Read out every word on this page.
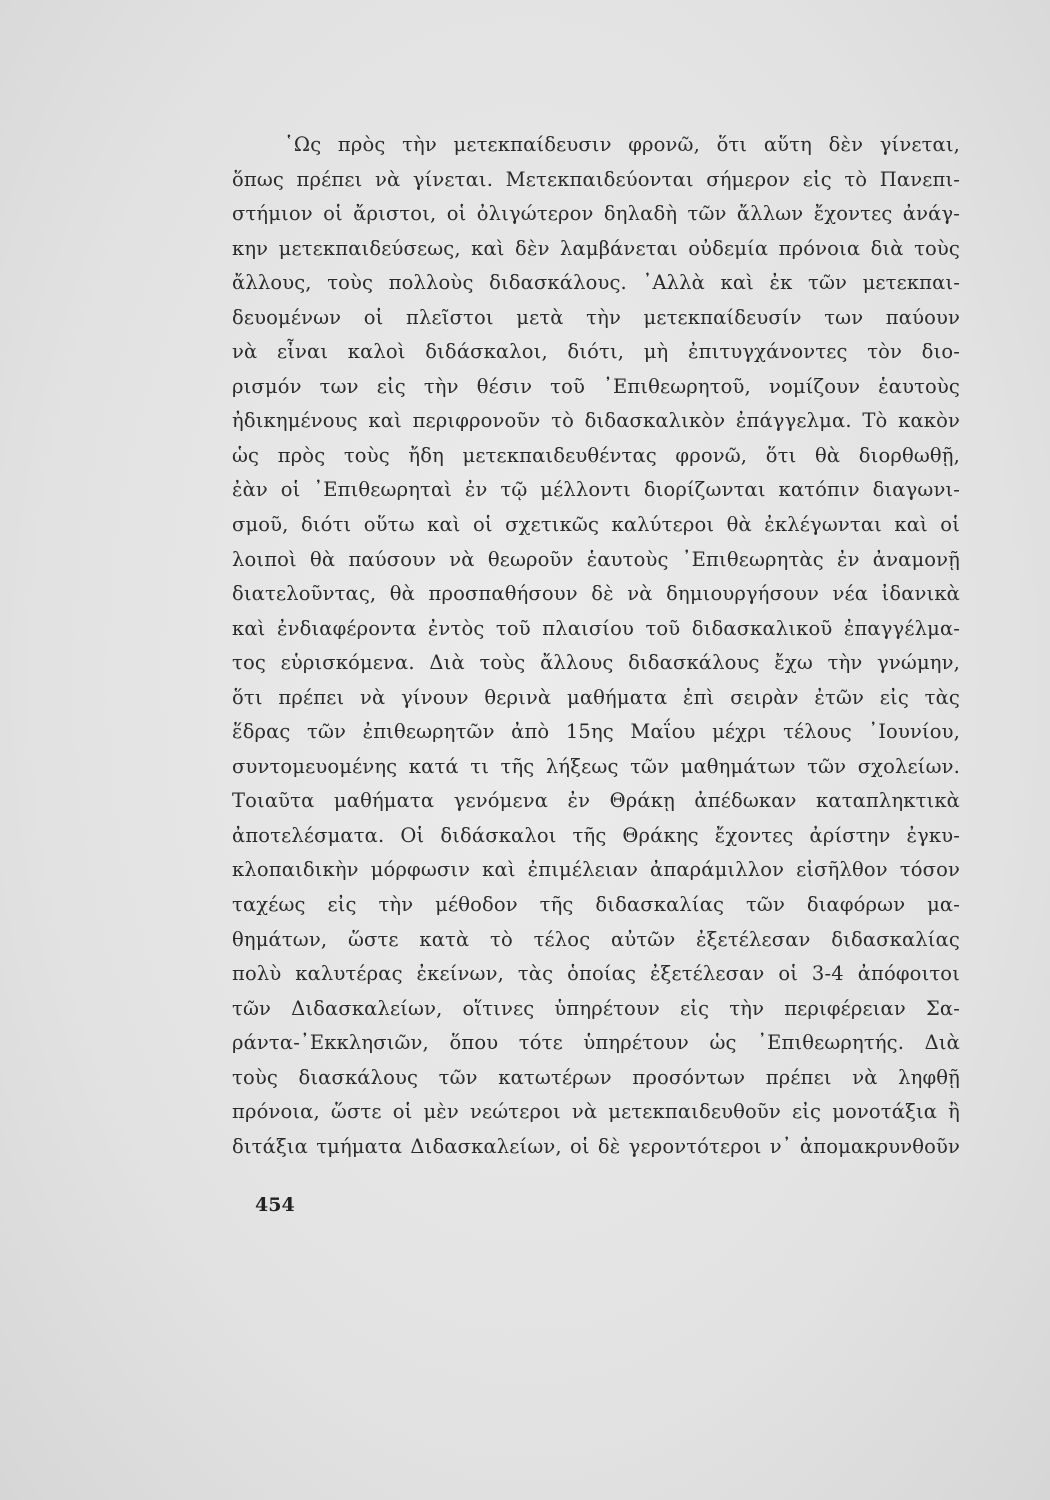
῾Ως πρὸς τὴν μετεκπαίδευσιν φρονῶ, ὅτι αὕτη δὲν γίνεται,
ὅπως πρέπει νὰ γίνεται. Μετεκπαιδεύονται σήμερον εἰς τὸ Πανεπι-
στήμιον οἱ ἄριστοι, οἱ ὀλιγώτερον δηλαδὴ τῶν ἄλλων ἔχοντες ἀνάγ-
κην μετεκπαιδεύσεως, καὶ δὲν λαμβάνεται οὐδεμία πρόνοια διὰ τοὺς
ἄλλους, τοὺς πολλοὺς διδασκάλους. ᾿Αλλὰ καὶ ἐκ τῶν μετεκπαι-
δευομένων οἱ πλεῖστοι μετὰ τὴν μετεκπαίδευσίν των παύουν
νὰ εἶναι καλοὶ διδάσκαλοι, διότι, μὴ ἐπιτυγχάνοντες τὸν διο-
ρισμόν των εἰς τὴν θέσιν τοῦ ᾿Επιθεωρητοῦ, νομίζουν ἑαυτοὺς
ἠδικημένους καὶ περιφρονοῦν τὸ διδασκαλικὸν ἐπάγγελμα. Τὸ κακὸν
ὡς πρὸς τοὺς ἤδη μετεκπαιδευθέντας φρονῶ, ὅτι θὰ διορθωθῇ,
ἐὰν οἱ ᾿Επιθεωρηταὶ ἐν τῷ μέλλοντι διορίζωνται κατόπιν διαγωνι-
σμοῦ, διότι οὕτω καὶ οἱ σχετικῶς καλύτεροι θὰ ἐκλέγωνται καὶ οἱ
λοιποὶ θὰ παύσουν νὰ θεωροῦν ἑαυτοὺς ᾿Επιθεωρητὰς ἐν ἀναμονῇ
διατελοῦντας, θὰ προσπαθήσουν δὲ νὰ δημιουργήσουν νέα ἰδανικὰ
καὶ ἐνδιαφέροντα ἐντὸς τοῦ πλαισίου τοῦ διδασκαλικοῦ ἐπαγγέλμα-
τος εὑρισκόμενα. Διὰ τοὺς ἄλλους διδασκάλους ἔχω τὴν γνώμην,
ὅτι πρέπει νὰ γίνουν θερινὰ μαθήματα ἐπὶ σειρὰν ἐτῶν εἰς τὰς
ἕδρας τῶν ἐπιθεωρητῶν ἀπὸ 15ης Μαΐου μέχρι τέλους ᾿Ιουνίου,
συντομευομένης κατά τι τῆς λήξεως τῶν μαθημάτων τῶν σχολείων.
Τοιαῦτα μαθήματα γενόμενα ἐν Θράκῃ ἀπέδωκαν καταπληκτικὰ
ἀποτελέσματα. Οἱ διδάσκαλοι τῆς Θράκης ἔχοντες ἀρίστην ἐγκυ-
κλοπαιδικὴν μόρφωσιν καὶ ἐπιμέλειαν ἀπαράμιλλον εἰσῆλθον τόσον
ταχέως εἰς τὴν μέθοδον τῆς διδασκαλίας τῶν διαφόρων μα-
θημάτων, ὥστε κατὰ τὸ τέλος αὐτῶν ἐξετέλεσαν διδασκαλίας
πολὺ καλυτέρας ἐκείνων, τὰς ὁποίας ἐξετέλεσαν οἱ 3-4 ἀπόφοιτοι
τῶν Διδασκαλείων, οἵτινες ὑπηρέτουν εἰς τὴν περιφέρειαν Σα-
ράντα-᾿Εκκλησιῶν, ὅπου τότε ὑπηρέτουν ὡς ᾿Επιθεωρητής. Διὰ
τοὺς διασκάλους τῶν κατωτέρων προσόντων πρέπει νὰ ληφθῇ
πρόνοια, ὥστε οἱ μὲν νεώτεροι νὰ μετεκπαιδευθοῦν εἰς μονοτάξια ἢ
διτάξια τμήματα Διδασκαλείων, οἱ δὲ γεροντότεροι ν᾿ ἀπομακρυνθοῦν
454
